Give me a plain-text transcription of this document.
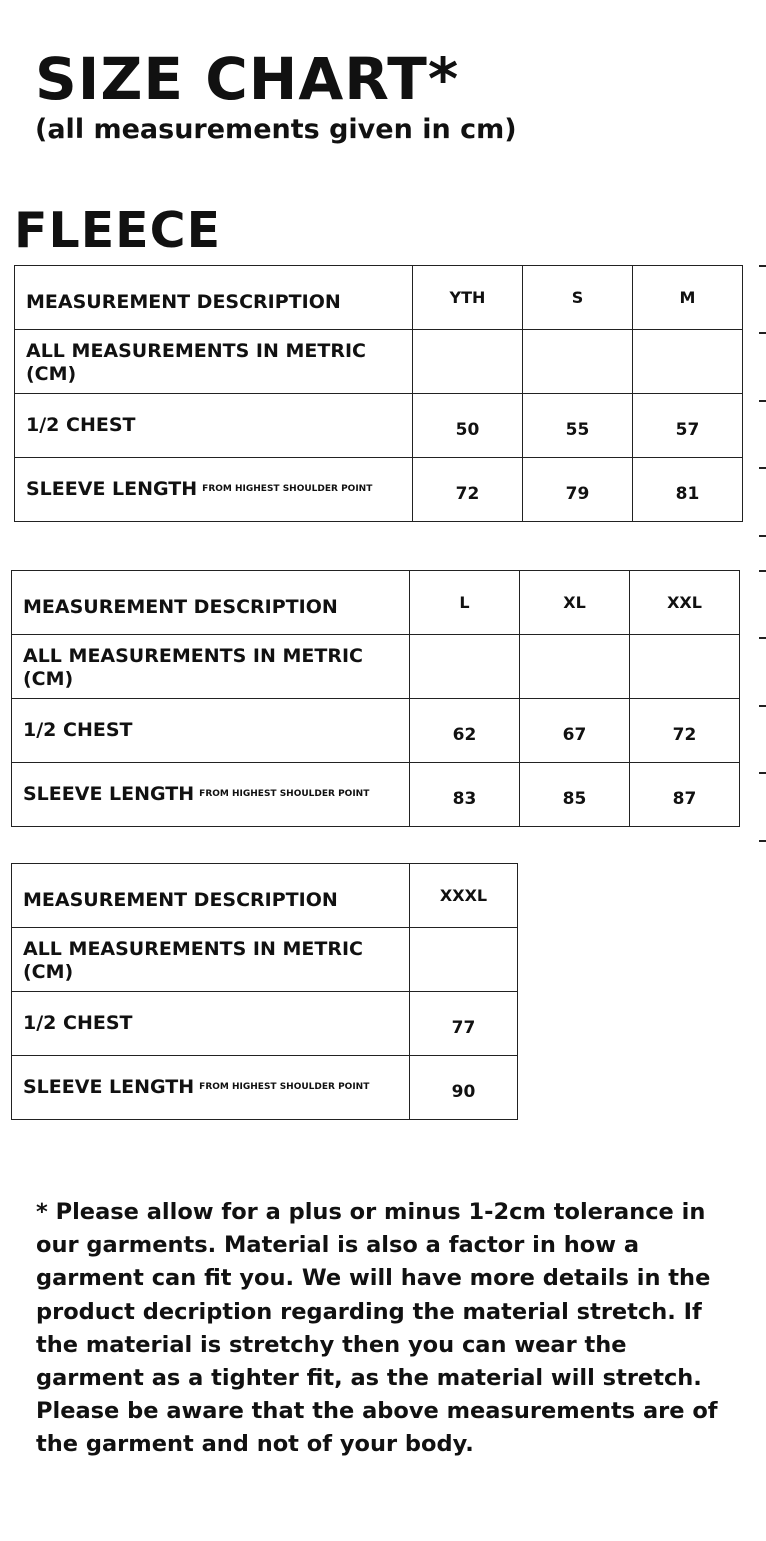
SIZE CHART*
(all measurements given in cm)
FLEECE
MEASUREMENT DESCRIPTION	YTH	S	M
ALL MEASUREMENTS IN METRIC (CM)			
1/2 CHEST	50	55	57
SLEEVE LENGTH FROM HIGHEST SHOULDER POINT	72	79	81
MEASUREMENT DESCRIPTION	L	XL	XXL
ALL MEASUREMENTS IN METRIC (CM)			
1/2 CHEST	62	67	72
SLEEVE LENGTH FROM HIGHEST SHOULDER POINT	83	85	87
MEASUREMENT DESCRIPTION	XXXL
ALL MEASUREMENTS IN METRIC (CM)	
1/2 CHEST	77
SLEEVE LENGTH FROM HIGHEST SHOULDER POINT	90

* Please allow for a plus or minus 1-2cm tolerance in our garments. Material is also a factor in how a garment can fit you. We will have more details in the product decription regarding the material stretch. If the material is stretchy then you can wear the garment as a tighter fit, as the material will stretch. Please be aware that the above measurements are of the garment and not of your body.
